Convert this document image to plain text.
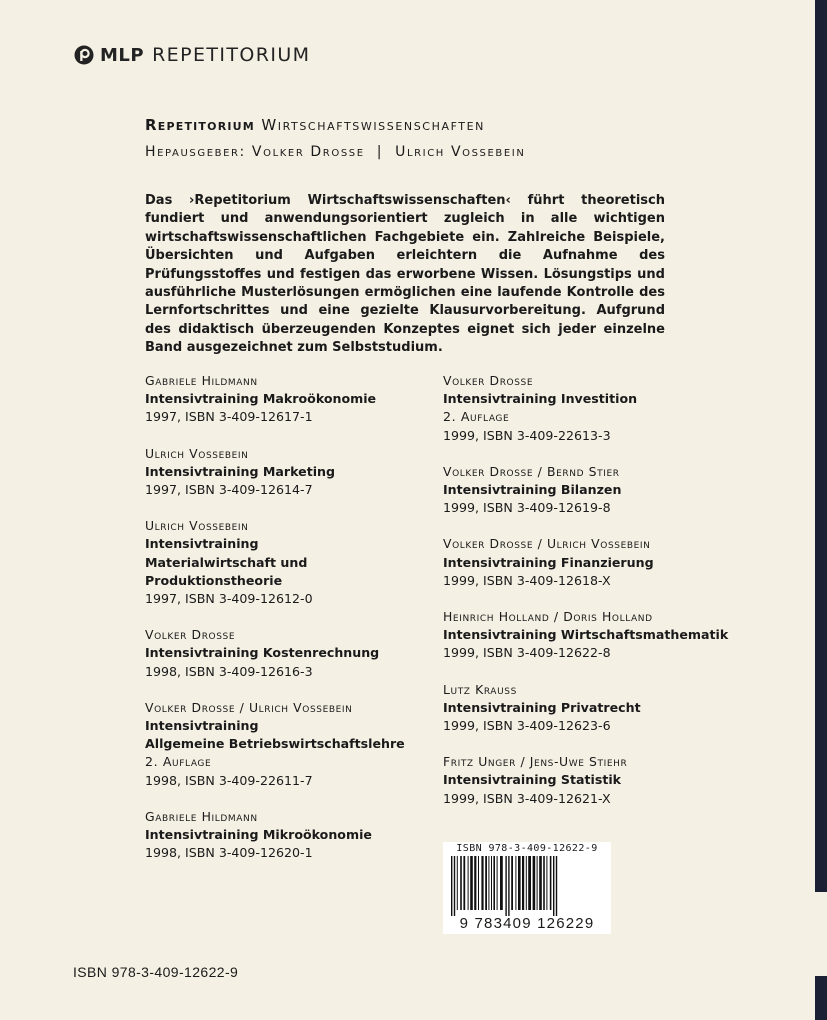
MLP REPETITORIUM
Repetitorium Wirtschaftswissenschaften
Hepausgeber: Volker Drosse | Ulrich Vossebein
Das ›Repetitorium Wirtschaftswissenschaften‹ führt theoretisch fundiert und anwendungsorientiert zugleich in alle wichtigen wirtschaftswissenschaftlichen Fachgebiete ein. Zahlreiche Beispiele, Übersichten und Aufgaben erleichtern die Aufnahme des Prüfungsstoffes und festigen das erworbene Wissen. Lösungstips und ausführliche Musterlösungen ermöglichen eine laufende Kontrolle des Lernfortschrittes und eine gezielte Klausurvorbereitung. Aufgrund des didaktisch überzeugenden Konzeptes eignet sich jeder einzelne Band ausgezeichnet zum Selbststudium.
Gabriele Hildmann
Intensivtraining Makroökonomie
1997, ISBN 3-409-12617-1
Ulrich Vossebein
Intensivtraining Marketing
1997, ISBN 3-409-12614-7
Ulrich Vossebein
Intensivtraining
Materialwirtschaft und
Produktionstheorie
1997, ISBN 3-409-12612-0
Volker Drosse
Intensivtraining Kostenrechnung
1998, ISBN 3-409-12616-3
Volker Drosse / Ulrich Vossebein
Intensivtraining
Allgemeine Betriebswirtschaftslehre
2. Auflage
1998, ISBN 3-409-22611-7
Gabriele Hildmann
Intensivtraining Mikroökonomie
1998, ISBN 3-409-12620-1
Volker Drosse
Intensivtraining Investition
2. Auflage
1999, ISBN 3-409-22613-3
Volker Drosse / Bernd Stier
Intensivtraining Bilanzen
1999, ISBN 3-409-12619-8
Volker Drosse / Ulrich Vossebein
Intensivtraining Finanzierung
1999, ISBN 3-409-12618-X
Heinrich Holland / Doris Holland
Intensivtraining Wirtschaftsmathematik
1999, ISBN 3-409-12622-8
Lutz Krauss
Intensivtraining Privatrecht
1999, ISBN 3-409-12623-6
Fritz Unger / Jens-Uwe Stiehr
Intensivtraining Statistik
1999, ISBN 3-409-12621-X
ISBN 978-3-409-12622-9
9 783409 126229
ISBN 978-3-409-12622-9
